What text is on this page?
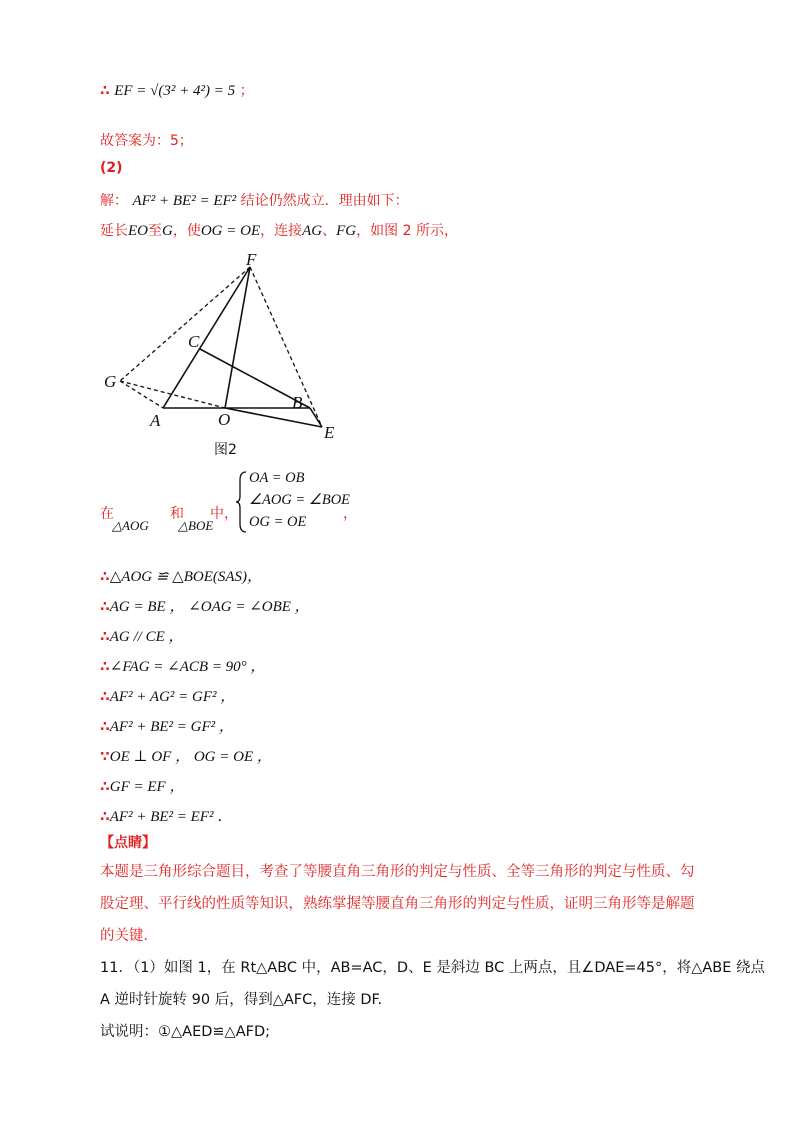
∴ EF = √(3² + 4²) = 5 ；
故答案为：5；
(2)
解： AF² + BE² = EF² 结论仍然成立．理由如下：
延长EO至G，使OG = OE，连接AG、FG，如图 2 所示，
F
C
G
A	O
B
E
图2
在
△AOG
和
△BOE
中，
OA = OB
∠AOG = ∠BOE
OG = OE	，
∴△AOG ≌ △BOE(SAS)，
∴AG = BE ， ∠OAG = ∠OBE ，
∴AG // CE ，
∴∠FAG = ∠ACB = 90° ，
∴AF² + AG² = GF² ，
∴AF² + BE² = GF² ，
∵OE ⊥ OF ， OG = OE ，
∴GF = EF ，
∴AF² + BE² = EF² ．
【点睛】
本题是三角形综合题目，考查了等腰直角三角形的判定与性质、全等三角形的判定与性质、勾股定理、平行线的性质等知识，熟练掌握等腰直角三角形的判定与性质，证明三角形等是解题的关键．
11．（1）如图 1，在 Rt△ABC 中，AB=AC，D、E 是斜边 BC 上两点，且∠DAE=45°，将△ABE 绕点
A 逆时针旋转 90 后，得到△AFC，连接 DF.
试说明：①△AED≌△AFD;
